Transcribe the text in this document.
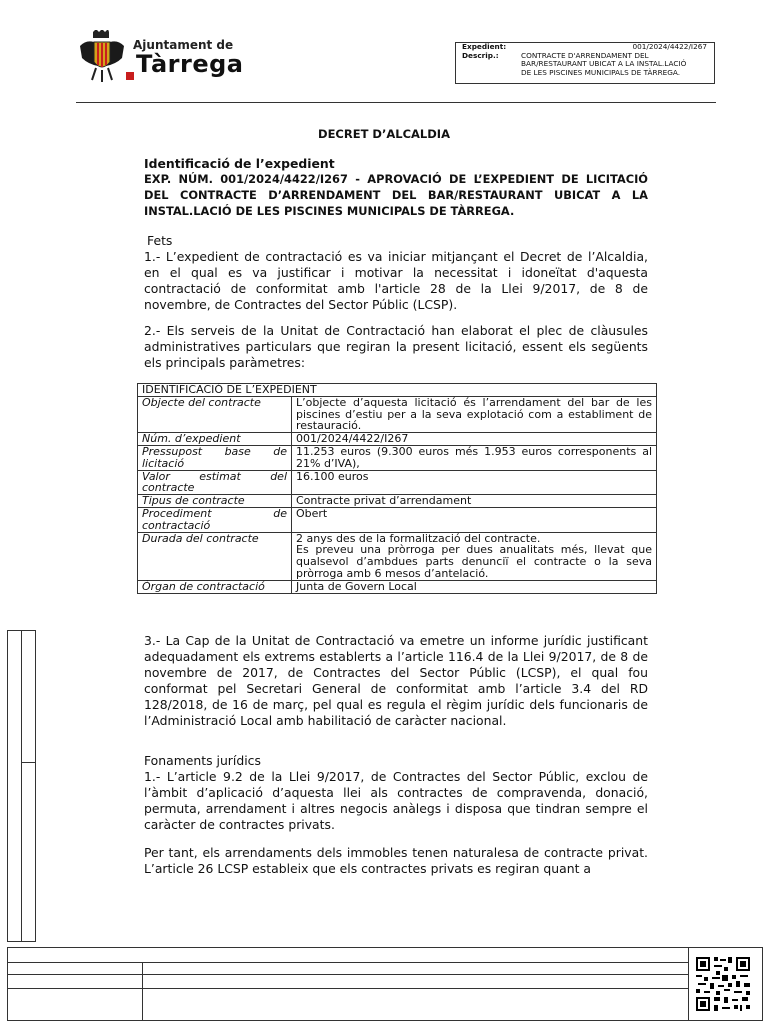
Ajuntament de
Tàrrega
Expedient:	001/2024/4422/I267
Descrip.:	CONTRACTE D'ARRENDAMENT DEL
BAR/RESTAURANT UBICAT A LA INSTAL.LACIÓ
DE LES PISCINES MUNICIPALS DE TÀRREGA.
DECRET D’ALCALDIA
Identificació de l’expedient
EXP. NÚM. 001/2024/4422/I267 - APROVACIÓ DE L’EXPEDIENT DE LICITACIÓ DEL CONTRACTE D’ARRENDAMENT DEL BAR/RESTAURANT UBICAT A LA INSTAL.LACIÓ DE LES PISCINES MUNICIPALS DE TÀRREGA.
Fets
1.- L’expedient de contractació es va iniciar mitjançant el Decret de l’Alcaldia, en el qual es va justificar i motivar la necessitat i idoneïtat d'aquesta contractació de conformitat amb l'article 28 de la Llei 9/2017, de 8 de novembre, de Contractes del Sector Públic (LCSP).
2.- Els serveis de la Unitat de Contractació han elaborat el plec de clàusules administratives particulars que regiran la present licitació, essent els següents els principals paràmetres:
IDENTIFICACIÓ DE L’EXPEDIENT	
Objecte del contracte	L’objecte d’aquesta licitació és l’arrendament del bar de les piscines d’estiu per a la seva explotació com a establiment de restauració.
Núm. d’expedient	001/2024/4422/I267
Pressupost base de licitació	11.253 euros (9.300 euros més 1.953 euros corresponents al 21% d’IVA),
Valor estimat del contracte	16.100 euros
Tipus de contracte	Contracte privat d’arrendament
Procediment de contractació	Obert
Durada del contracte	2 anys des de la formalització del contracte.
Es preveu una pròrroga per dues anualitats més, llevat que qualsevol d’ambdues parts denunciï el contracte o la seva pròrroga amb 6 mesos d’antelació.

Òrgan de contractació	Junta de Govern Local
3.- La Cap de la Unitat de Contractació va emetre un informe jurídic justificant adequadament els extrems establerts a l’article 116.4 de la Llei 9/2017, de 8 de novembre de 2017, de Contractes del Sector Públic (LCSP), el qual fou conformat pel Secretari General de conformitat amb l’article 3.4 del RD 128/2018, de 16 de març, pel qual es regula el règim jurídic dels funcionaris de l’Administració Local amb habilitació de caràcter nacional.
Fonaments jurídics
1.- L’article 9.2 de la Llei 9/2017, de Contractes del Sector Públic, exclou de l’àmbit d’aplicació d’aquesta llei als contractes de compravenda, donació, permuta, arrendament i altres negocis anàlegs i disposa que tindran sempre el caràcter de contractes privats.
Per tant, els arrendaments dels immobles tenen naturalesa de contracte privat. L’article 26 LCSP estableix que els contractes privats es regiran quant a
